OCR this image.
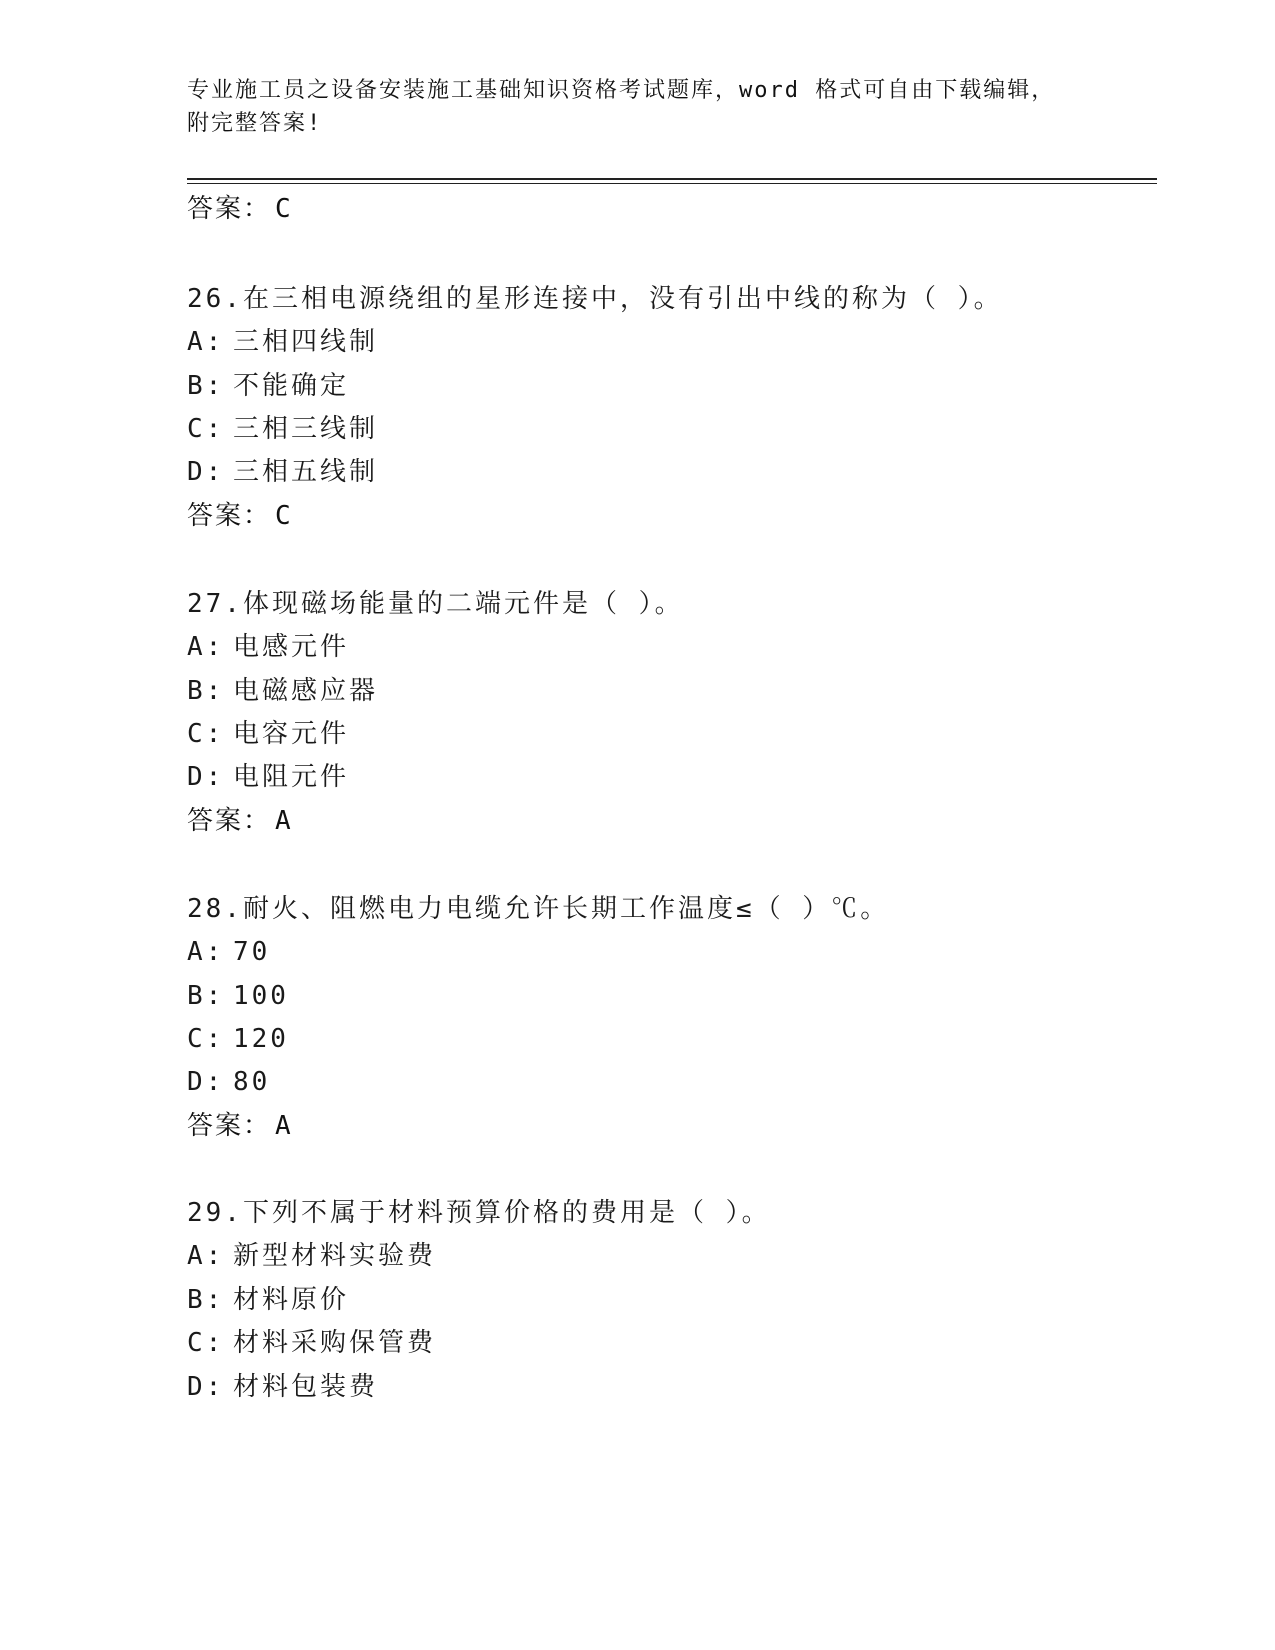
专业施工员之设备安装施工基础知识资格考试题库，word 格式可自由下载编辑，
附完整答案!
答案： C
26.在三相电源绕组的星形连接中，没有引出中线的称为（ ）。
A: 三相四线制
B: 不能确定
C: 三相三线制
D: 三相五线制
答案： C
27.体现磁场能量的二端元件是（ ）。
A: 电感元件
B: 电磁感应器
C: 电容元件
D: 电阻元件
答案： A
28.耐火、阻燃电力电缆允许长期工作温度≤（ ）℃。
A: 70
B: 100
C: 120
D: 80
答案： A
29.下列不属于材料预算价格的费用是（ ）。
A: 新型材料实验费
B: 材料原价
C: 材料采购保管费
D: 材料包装费
